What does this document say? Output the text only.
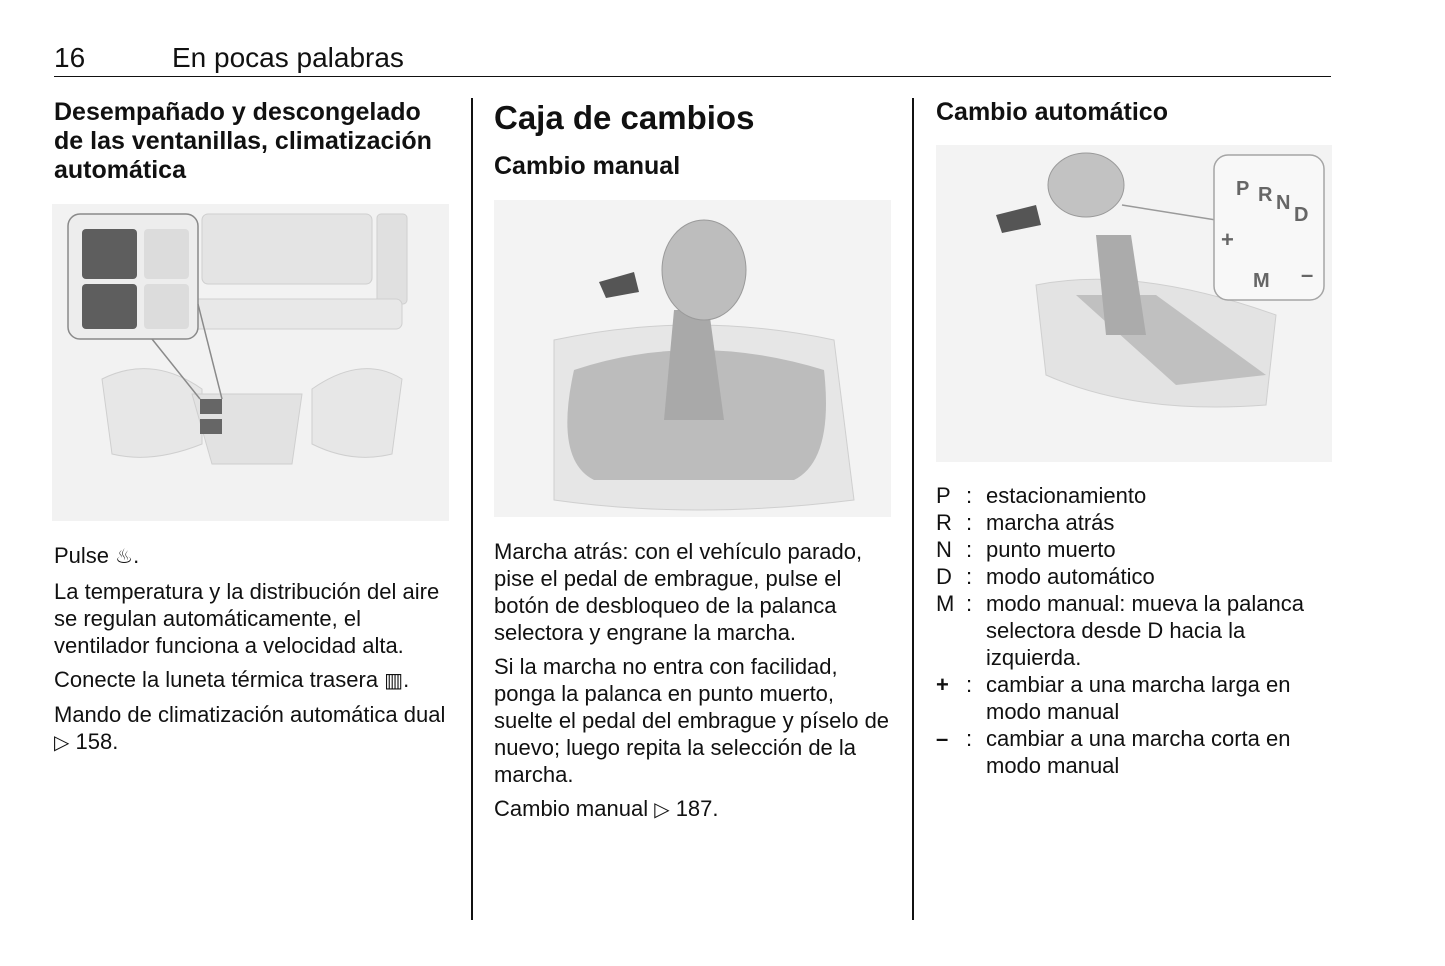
16	En pocas palabras
Desempañado y descongelado de las ventanillas, climatización automática

Pulse ♨.

La temperatura y la distribución del aire se regulan automáticamente, el ventilador funciona a velocidad alta.

Conecte la luneta térmica trasera ▥.

Mando de climatización automática dual ▷ 158.

Caja de cambios
Cambio manual

Marcha atrás: con el vehículo parado, pise el pedal de embrague, pulse el botón de desbloqueo de la palanca selectora y engrane la marcha.

Si la marcha no entra con facilidad, ponga la palanca en punto muerto, suelte el pedal del embrague y píselo de nuevo; luego repita la selección de la marcha.

Cambio manual ▷ 187.

Cambio automático
P R N
D
+
M –
P : estacionamiento
R : marcha atrás
N : punto muerto
D : modo automático
M : modo manual: mueva la palanca selectora desde D hacia la izquierda.
+ : cambiar a una marcha larga en modo manual
– : cambiar a una marcha corta en modo manual
